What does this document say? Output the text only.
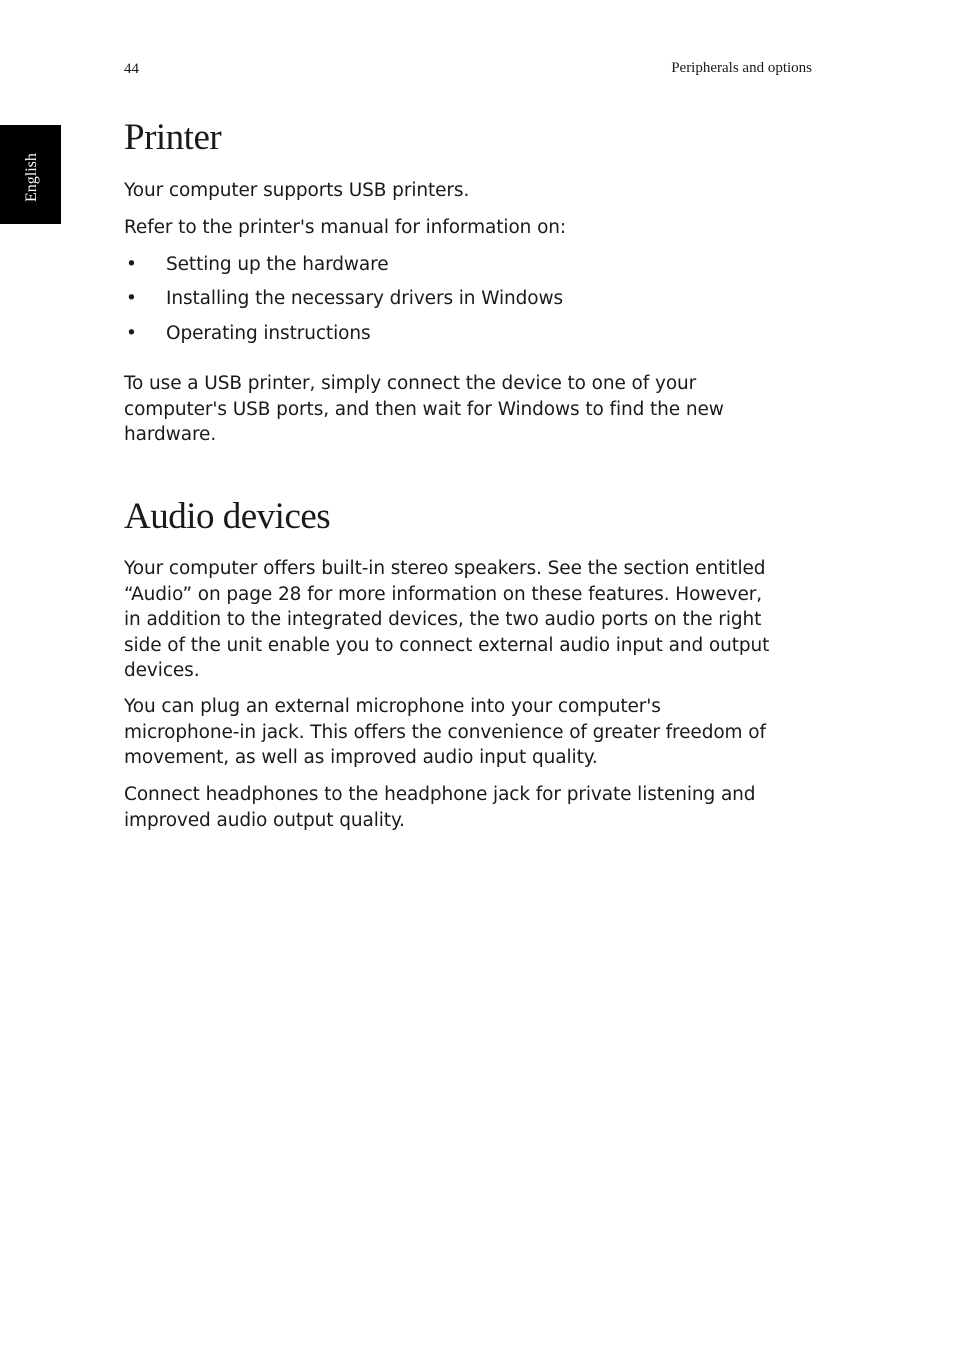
44	Peripherals and options
English
Printer

Your computer supports USB printers.

Refer to the printer's manual for information on:

• Setting up the hardware
• Installing the necessary drivers in Windows
• Operating instructions

To use a USB printer, simply connect the device to one of your
computer's USB ports, and then wait for Windows to find the new
hardware.

Audio devices

Your computer offers built-in stereo speakers. See the section entitled
“Audio” on page 28 for more information on these features. However,
in addition to the integrated devices, the two audio ports on the right
side of the unit enable you to connect external audio input and output
devices.

You can plug an external microphone into your computer's
microphone-in jack. This offers the convenience of greater freedom of
movement, as well as improved audio input quality.

Connect headphones to the headphone jack for private listening and
improved audio output quality.
